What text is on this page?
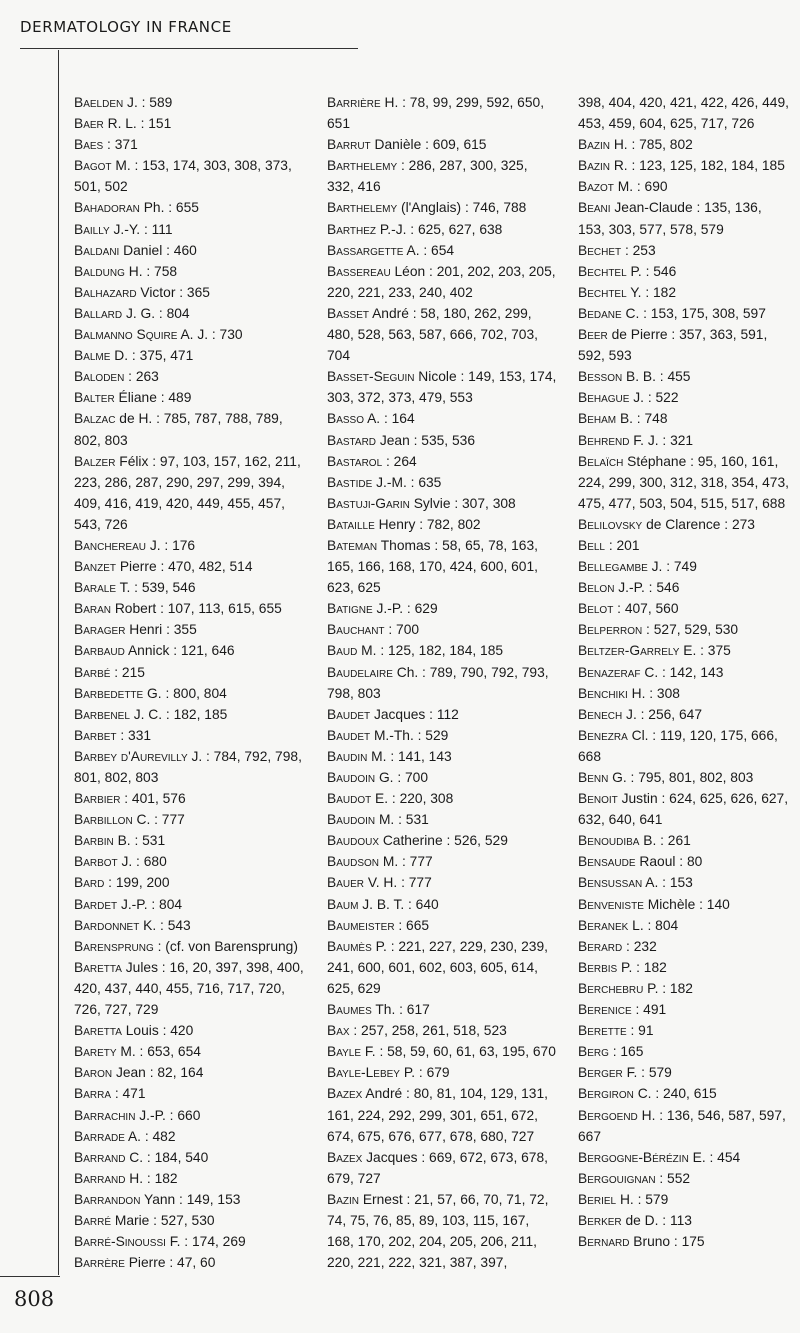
DERMATOLOGY IN FRANCE
808
Baelden J. : 589
Baer R. L. : 151
Baes : 371
Bagot M. : 153, 174, 303, 308, 373, 501, 502
Bahadoran Ph. : 655
Bailly J.-Y. : 111
Baldani Daniel : 460
Baldung H. : 758
Balhazard Victor : 365
Ballard J. G. : 804
Balmanno Squire A. J. : 730
Balme D. : 375, 471
Baloden : 263
Balter Éliane : 489
Balzac de H. : 785, 787, 788, 789, 802, 803
Balzer Félix : 97, 103, 157, 162, 211, 223, 286, 287, 290, 297, 299, 394, 409, 416, 419, 420, 449, 455, 457, 543, 726
Banchereau J. : 176
Banzet Pierre : 470, 482, 514
Barale T. : 539, 546
Baran Robert : 107, 113, 615, 655
Barager Henri : 355
Barbaud Annick : 121, 646
Barbé : 215
Barbedette G. : 800, 804
Barbenel J. C. : 182, 185
Barbet : 331
Barbey d'Aurevilly J. : 784, 792, 798, 801, 802, 803
Barbier : 401, 576
Barbillon C. : 777
Barbin B. : 531
Barbot J. : 680
Bard : 199, 200
Bardet J.-P. : 804
Bardonnet K. : 543
Barensprung : (cf. von Barensprung)
Baretta Jules : 16, 20, 397, 398, 400, 420, 437, 440, 455, 716, 717, 720, 726, 727, 729
Baretta Louis : 420
Barety M. : 653, 654
Baron Jean : 82, 164
Barra : 471
Barrachin J.-P. : 660
Barrade A. : 482
Barrand C. : 184, 540
Barrand H. : 182
Barrandon Yann : 149, 153
Barré Marie : 527, 530
Barré-Sinoussi F. : 174, 269
Barrère Pierre : 47, 60
Barrière H. : 78, 99, 299, 592, 650, 651
Barrut Danièle : 609, 615
Barthelemy : 286, 287, 300, 325, 332, 416
Barthelemy (l'Anglais) : 746, 788
Barthez P.-J. : 625, 627, 638
Bassargette A. : 654
Bassereau Léon : 201, 202, 203, 205, 220, 221, 233, 240, 402
Basset André : 58, 180, 262, 299, 480, 528, 563, 587, 666, 702, 703, 704
Basset-Seguin Nicole : 149, 153, 174, 303, 372, 373, 479, 553
Basso A. : 164
Bastard Jean : 535, 536
Bastarol : 264
Bastide J.-M. : 635
Bastuji-Garin Sylvie : 307, 308
Bataille Henry : 782, 802
Bateman Thomas : 58, 65, 78, 163, 165, 166, 168, 170, 424, 600, 601, 623, 625
Batigne J.-P. : 629
Bauchant : 700
Baud M. : 125, 182, 184, 185
Baudelaire Ch. : 789, 790, 792, 793, 798, 803
Baudet Jacques : 112
Baudet M.-Th. : 529
Baudin M. : 141, 143
Baudoin G. : 700
Baudot E. : 220, 308
Baudoin M. : 531
Baudoux Catherine : 526, 529
Baudson M. : 777
Bauer V. H. : 777
Baum J. B. T. : 640
Baumeister : 665
Baumès P. : 221, 227, 229, 230, 239, 241, 600, 601, 602, 603, 605, 614, 625, 629
Baumes Th. : 617
Bax : 257, 258, 261, 518, 523
Bayle F. : 58, 59, 60, 61, 63, 195, 670
Bayle-Lebey P. : 679
Bazex André : 80, 81, 104, 129, 131, 161, 224, 292, 299, 301, 651, 672, 674, 675, 676, 677, 678, 680, 727
Bazex Jacques : 669, 672, 673, 678, 679, 727
Bazin Ernest : 21, 57, 66, 70, 71, 72, 74, 75, 76, 85, 89, 103, 115, 167, 168, 170, 202, 204, 205, 206, 211, 220, 221, 222, 321, 387, 397,
398, 404, 420, 421, 422, 426, 449, 453, 459, 604, 625, 717, 726
Bazin H. : 785, 802
Bazin R. : 123, 125, 182, 184, 185
Bazot M. : 690
Beani Jean-Claude : 135, 136, 153, 303, 577, 578, 579
Bechet : 253
Bechtel P. : 546
Bechtel Y. : 182
Bedane C. : 153, 175, 308, 597
Beer de Pierre : 357, 363, 591, 592, 593
Besson B. B. : 455
Behague J. : 522
Beham B. : 748
Behrend F. J. : 321
Belaïch Stéphane : 95, 160, 161, 224, 299, 300, 312, 318, 354, 473, 475, 477, 503, 504, 515, 517, 688
Belilovsky de Clarence : 273
Bell : 201
Bellegambe J. : 749
Belon J.-P. : 546
Belot : 407, 560
Belperron : 527, 529, 530
Beltzer-Garrely E. : 375
Benazeraf C. : 142, 143
Benchiki H. : 308
Benech J. : 256, 647
Benezra Cl. : 119, 120, 175, 666, 668
Benn G. : 795, 801, 802, 803
Benoit Justin : 624, 625, 626, 627, 632, 640, 641
Benoudiba B. : 261
Bensaude Raoul : 80
Bensussan A. : 153
Benveniste Michèle : 140
Beranek L. : 804
Berard : 232
Berbis P. : 182
Berchebru P. : 182
Berenice : 491
Berette : 91
Berg : 165
Berger F. : 579
Bergiron C. : 240, 615
Bergoend H. : 136, 546, 587, 597, 667
Bergogne-Bérézin E. : 454
Bergouignan : 552
Beriel H. : 579
Berker de D. : 113
Bernard Bruno : 175
